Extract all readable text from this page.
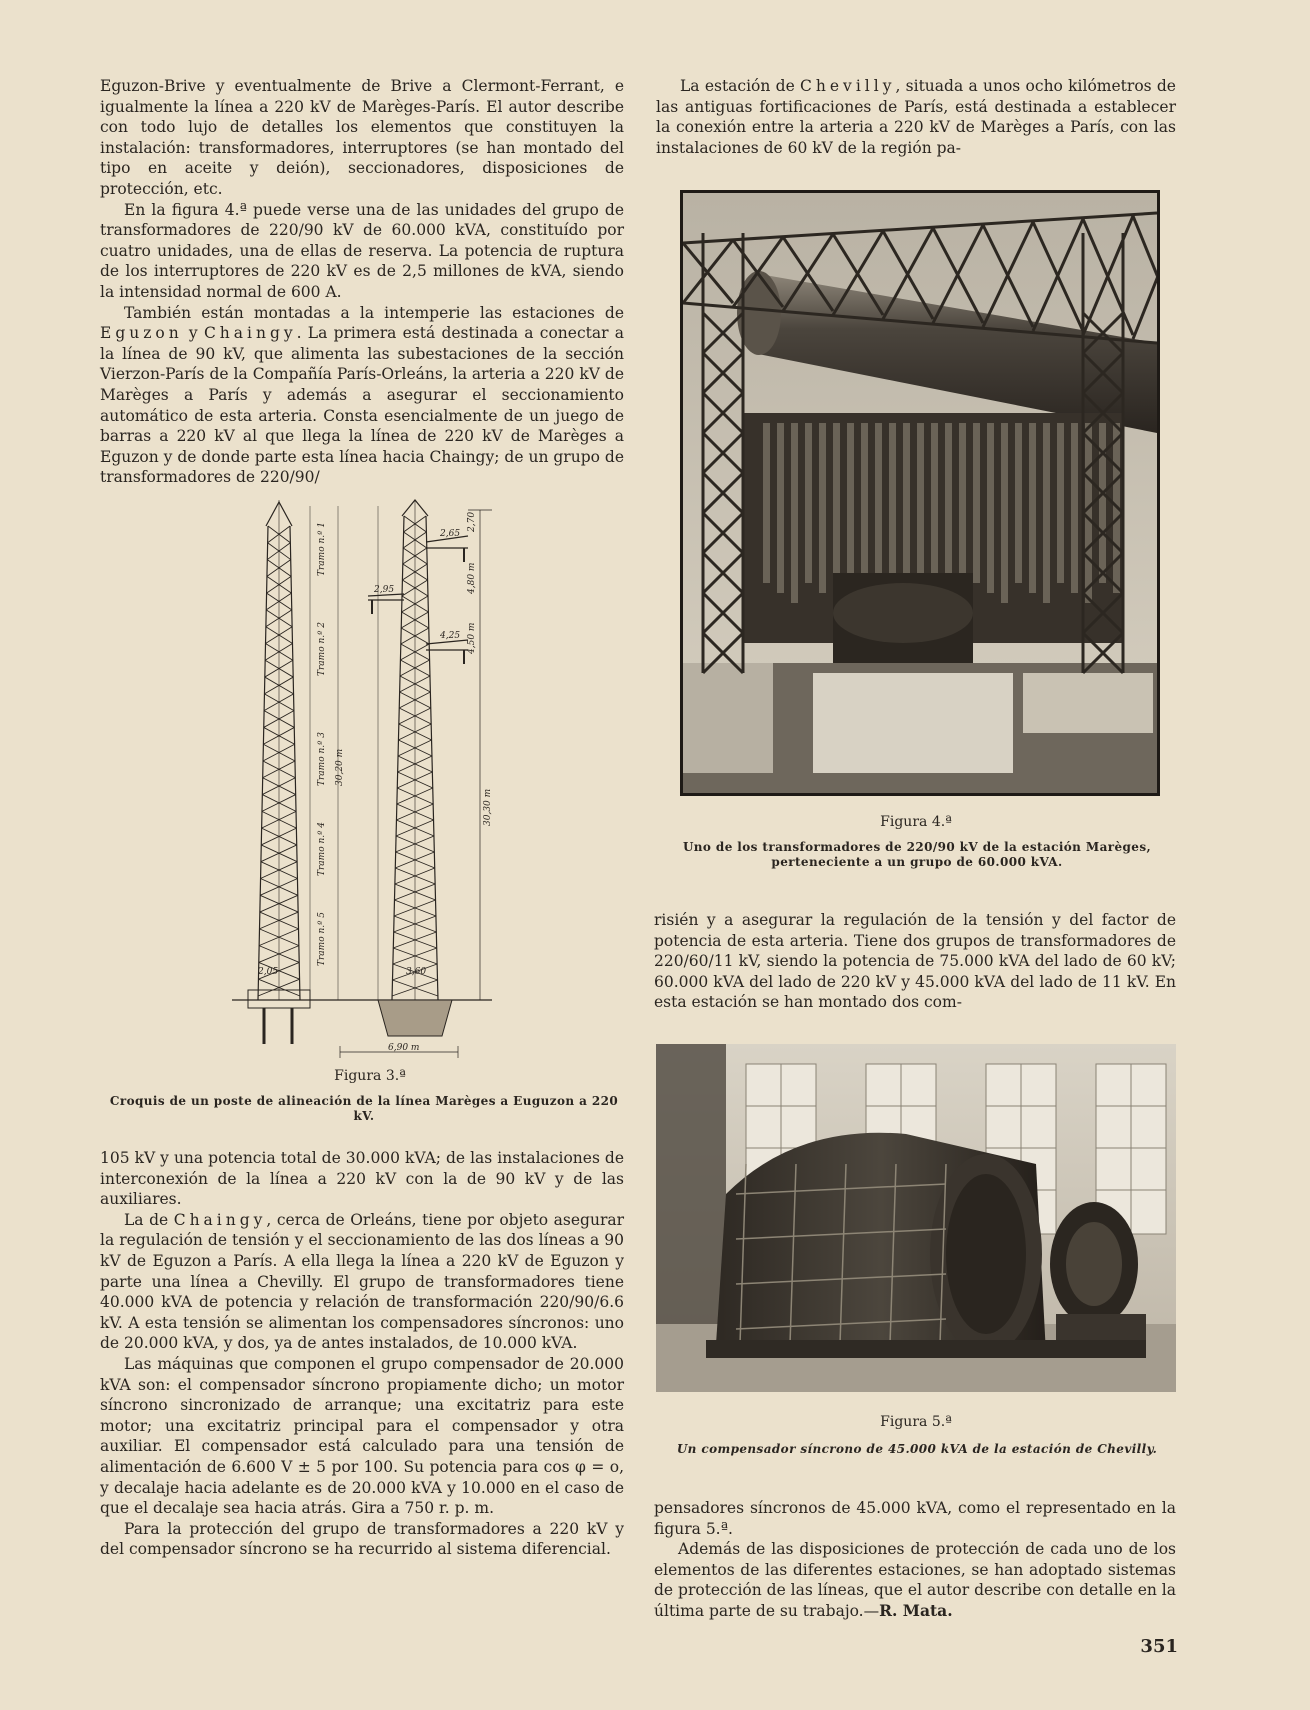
Eguzon-Brive y eventualmente de Brive a Clermont-Ferrant, e igualmente la línea a 220 kV de Marèges-París. El autor describe con todo lujo de detalles los elementos que constituyen la instalación: transformadores, interruptores (se han montado del tipo en aceite y deión), seccionadores, disposiciones de protección, etc.

En la figura 4.ª puede verse una de las unidades del grupo de transformadores de 220/90 kV de 60.000 kVA, constituído por cuatro unidades, una de ellas de reserva. La potencia de ruptura de los interruptores de 220 kV es de 2,5 millones de kVA, siendo la intensidad normal de 600 A.

También están montadas a la intemperie las estaciones de Eguzon y Chaingy. La primera está destinada a conectar a la línea de 90 kV, que alimenta las subestaciones de la sección Vierzon-París de la Compañía París-Orleáns, la arteria a 220 kV de Marèges a París y además a asegurar el seccionamiento automático de esta arteria. Consta esencialmente de un juego de barras a 220 kV al que llega la línea de 220 kV de Marèges a Eguzon y de donde parte esta línea hacia Chaingy; de un grupo de transformadores de 220/90/

2,65
2,95
4,25
2,05	3,60
6,90 m
2,70
4,80 m
4,50 m
30,30 m
30,20 m
Tramo n.º 1
Tramo n.º 2
Tramo n.º 3
Tramo n.º 4
Tramo n.º 5
Figura 3.ª
Croquis de un poste de alineación de la línea Marèges a Euguzon a 220 kV.

105 kV y una potencia total de 30.000 kVA; de las instalaciones de interconexión de la línea a 220 kV con la de 90 kV y de las auxiliares.

La de Chaingy, cerca de Orleáns, tiene por objeto asegurar la regulación de tensión y el seccionamiento de las dos líneas a 90 kV de Eguzon a París. A ella llega la línea a 220 kV de Eguzon y parte una línea a Chevilly. El grupo de transformadores tiene 40.000 kVA de potencia y relación de transformación 220/90/6.6 kV. A esta tensión se alimentan los compensadores síncronos: uno de 20.000 kVA, y dos, ya de antes instalados, de 10.000 kVA.

Las máquinas que componen el grupo compensador de 20.000 kVA son: el compensador síncrono propiamente dicho; un motor síncrono sincronizado de arranque; una excitatriz para este motor; una excitatriz principal para el compensador y otra auxiliar. El compensador está calculado para una tensión de alimentación de 6.600 V ± 5 por 100. Su potencia para cos φ = o, y decalaje hacia adelante es de 20.000 kVA y 10.000 en el caso de que el decalaje sea hacia atrás. Gira a 750 r. p. m.

Para la protección del grupo de transformadores a 220 kV y del compensador síncrono se ha recurrido al sistema diferencial.

La estación de Chevilly, situada a unos ocho kilómetros de las antiguas fortificaciones de París, está destinada a establecer la conexión entre la arteria a 220 kV de Marèges a París, con las instalaciones de 60 kV de la región pa-

Figura 4.ª
Uno de los transformadores de 220/90 kV de la estación Marèges, perteneciente a un grupo de 60.000 kVA.

risién y a asegurar la regulación de la tensión y del factor de potencia de esta arteria. Tiene dos grupos de transformadores de 220/60/11 kV, siendo la potencia de 75.000 kVA del lado de 60 kV; 60.000 kVA del lado de 220 kV y 45.000 kVA del lado de 11 kV. En esta estación se han montado dos com-

Figura 5.ª
Un compensador síncrono de 45.000 kVA de la estación de Chevilly.

pensadores síncronos de 45.000 kVA, como el representado en la figura 5.ª.

Además de las disposiciones de protección de cada uno de los elementos de las diferentes estaciones, se han adoptado sistemas de protección de las líneas, que el autor describe con detalle en la última parte de su trabajo.—R. Mata.

351
